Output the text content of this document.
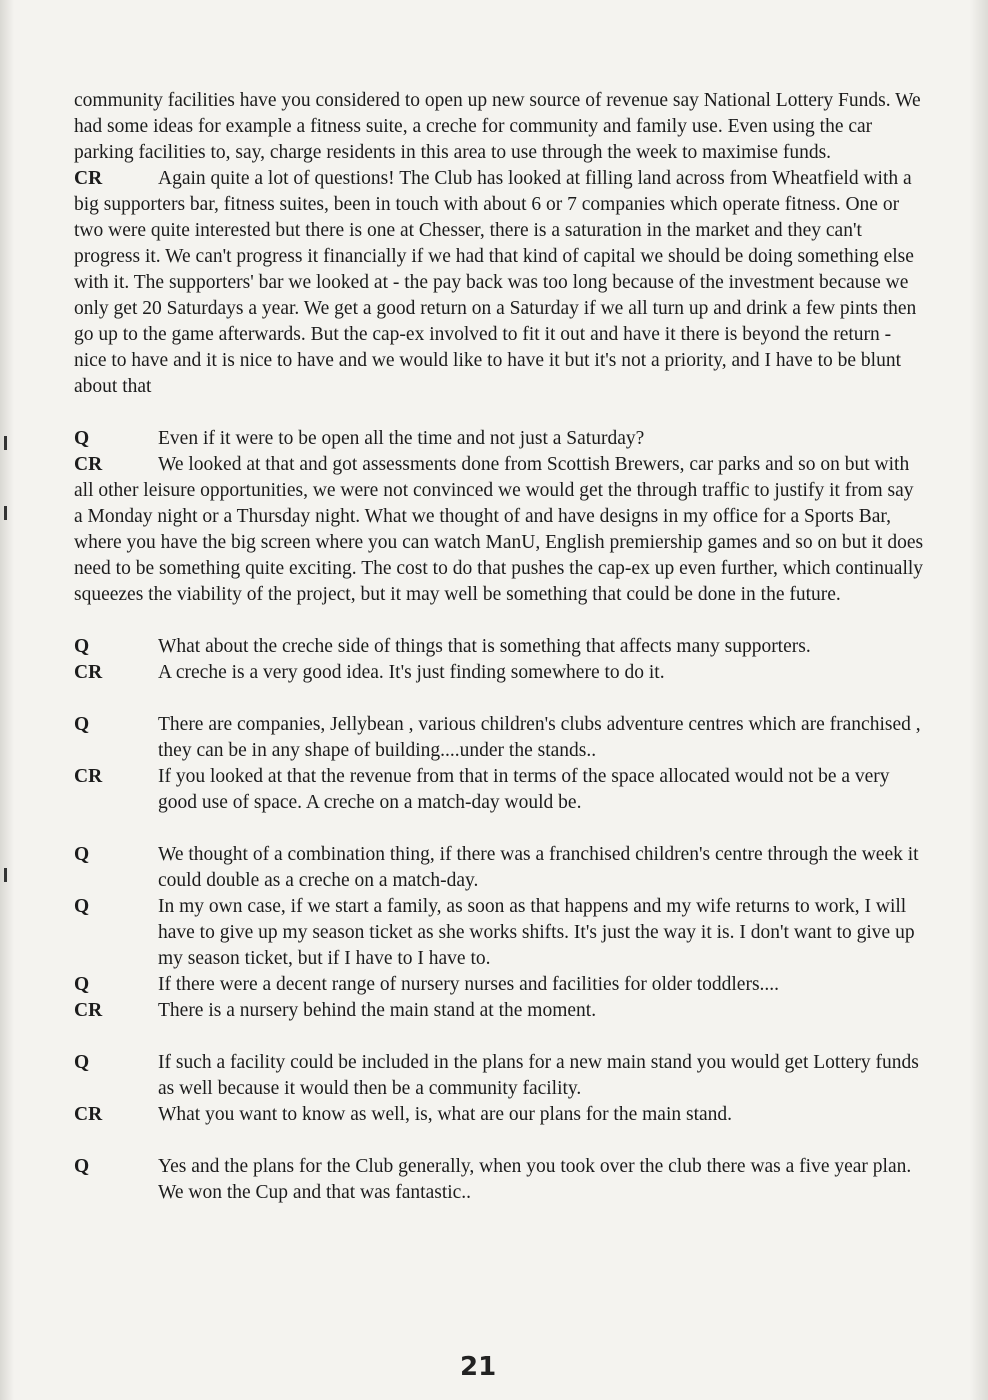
community facilities have you considered to open up new source of revenue say National Lottery Funds. We had some ideas for example a fitness suite, a creche for community and family use. Even using the car parking facilities to, say, charge residents in this area to use through the week to maximise funds.

CR	Again quite a lot of questions! The Club has looked at filling land across from Wheatfield with a big supporters bar, fitness suites, been in touch with about 6 or 7 companies which operate fitness. One or two were quite interested but there is one at Chesser, there is a saturation in the market and they can't progress it. We can't progress it financially if we had that kind of capital we should be doing something else with it. The supporters' bar we looked at - the pay back was too long because of the investment because we only get 20 Saturdays a year. We get a good return on a Saturday if we all turn up and drink a few pints then go up to the game afterwards. But the cap-ex involved to fit it out and have it there is beyond the return - nice to have and it is nice to have and we would like to have it but it's not a priority, and I have to be blunt about that

Q	Even if it were to be open all the time and not just a Saturday?

CR	We looked at that and got assessments done from Scottish Brewers, car parks and so on but with all other leisure opportunities, we were not convinced we would get the through traffic to justify it from say a Monday night or a Thursday night. What we thought of and have designs in my office for a Sports Bar, where you have the big screen where you can watch ManU, English premiership games and so on but it does need to be something quite exciting. The cost to do that pushes the cap-ex up even further, which continually squeezes the viability of the project, but it may well be something that could be done in the future.

Q	What about the creche side of things that is something that affects many supporters.

CR	A creche is a very good idea. It's just finding somewhere to do it.

Q	There are companies, Jellybean , various children's clubs adventure centres which are franchised , they can be in any shape of building....under the stands..

CR	If you looked at that the revenue from that in terms of the space allocated would not be a very good use of space. A creche on a match-day would be.

Q	We thought of a combination thing, if there was a franchised children's centre through the week it could double as a creche on a match-day.

Q	In my own case, if we start a family, as soon as that happens and my wife returns to work, I will have to give up my season ticket as she works shifts. It's just the way it is. I don't want to give up my season ticket, but if I have to I have to.

Q	If there were a decent range of nursery nurses and facilities for older toddlers....

CR	There is a nursery behind the main stand at the moment.

Q	If such a facility could be included in the plans for a new main stand you would get Lottery funds as well because it would then be a community facility.

CR	What you want to know as well, is, what are our plans for the main stand.

Q	Yes and the plans for the Club generally, when you took over the club there was a five year plan. We won the Cup and that was fantastic..

21
